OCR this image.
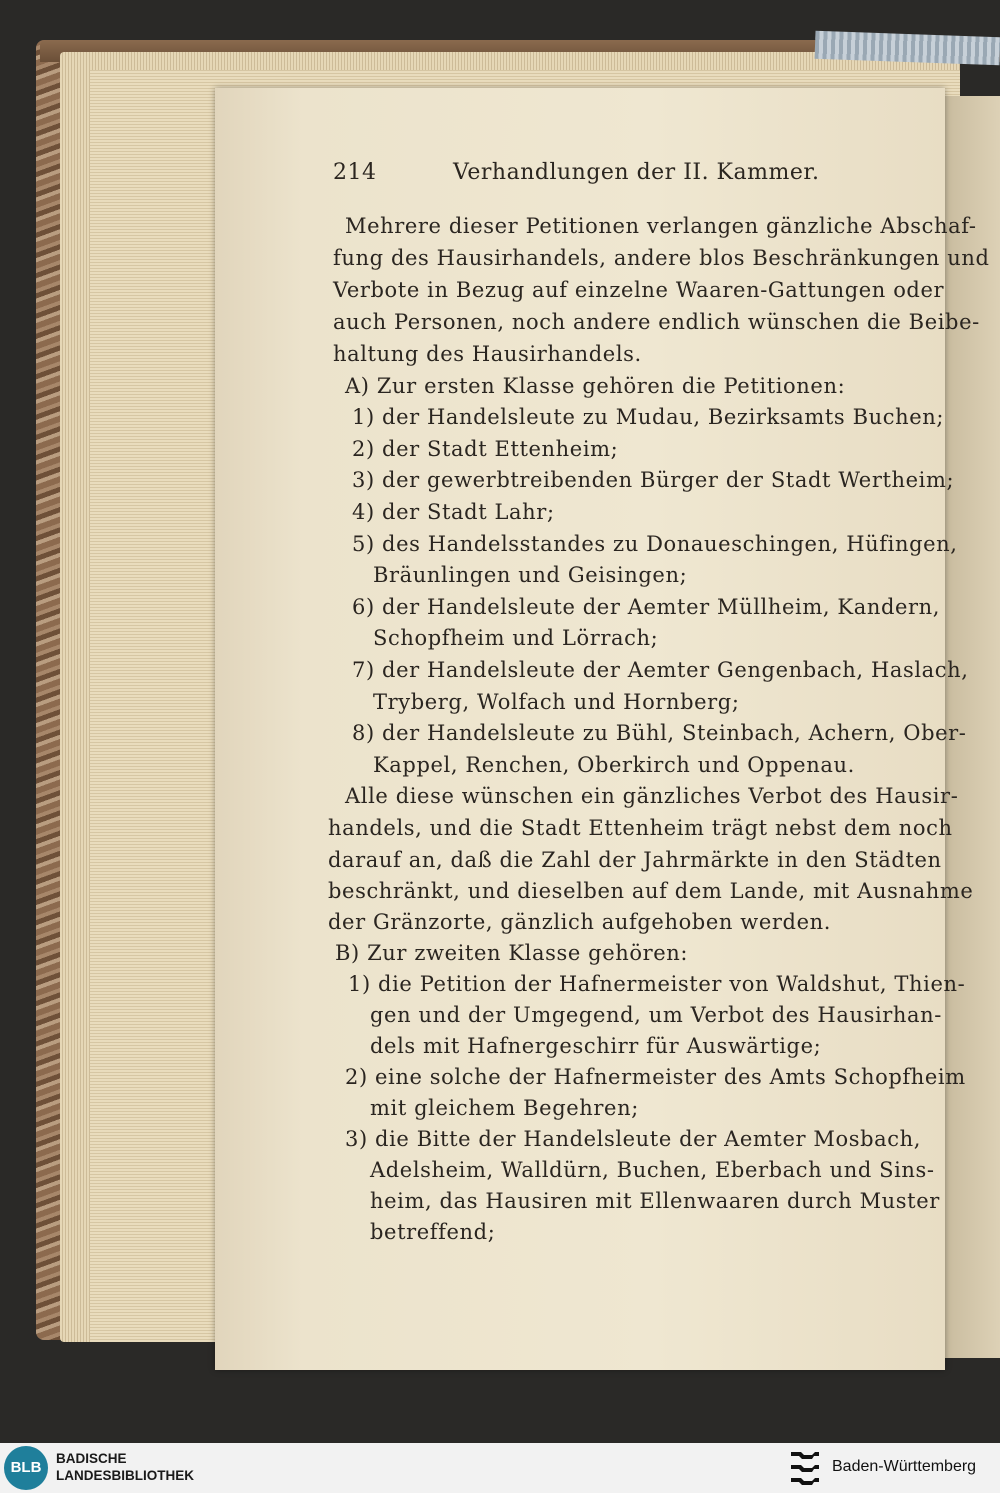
214	Verhandlungen der II. Kammer.
Mehrere dieser Petitionen verlangen gänzliche Abschaf-
fung des Hausirhandels, andere blos Beschränkungen und
Verbote in Bezug auf einzelne Waaren-Gattungen oder
auch Personen, noch andere endlich wünschen die Beibe-
haltung des Hausirhandels.
A) Zur ersten Klasse gehören die Petitionen:
1) der Handelsleute zu Mudau, Bezirksamts Buchen;
2) der Stadt Ettenheim;
3) der gewerbtreibenden Bürger der Stadt Wertheim;
4) der Stadt Lahr;
5) des Handelsstandes zu Donaueschingen, Hüfingen,
Bräunlingen und Geisingen;
6) der Handelsleute der Aemter Müllheim, Kandern,
Schopfheim und Lörrach;
7) der Handelsleute der Aemter Gengenbach, Haslach,
Tryberg, Wolfach und Hornberg;
8) der Handelsleute zu Bühl, Steinbach, Achern, Ober-
Kappel, Renchen, Oberkirch und Oppenau.
Alle diese wünschen ein gänzliches Verbot des Hausir-
handels, und die Stadt Ettenheim trägt nebst dem noch
darauf an, daß die Zahl der Jahrmärkte in den Städten
beschränkt, und dieselben auf dem Lande, mit Ausnahme
der Gränzorte, gänzlich aufgehoben werden.
B) Zur zweiten Klasse gehören:
1) die Petition der Hafnermeister von Waldshut, Thien-
gen und der Umgegend, um Verbot des Hausirhan-
dels mit Hafnergeschirr für Auswärtige;
2) eine solche der Hafnermeister des Amts Schopfheim
mit gleichem Begehren;
3) die Bitte der Handelsleute der Aemter Mosbach,
Adelsheim, Walldürn, Buchen, Eberbach und Sins-
heim, das Hausiren mit Ellenwaaren durch Muster
betreffend;
BLB
BADISCHE
LANDESBIBLIOTHEK
Baden-Württemberg
